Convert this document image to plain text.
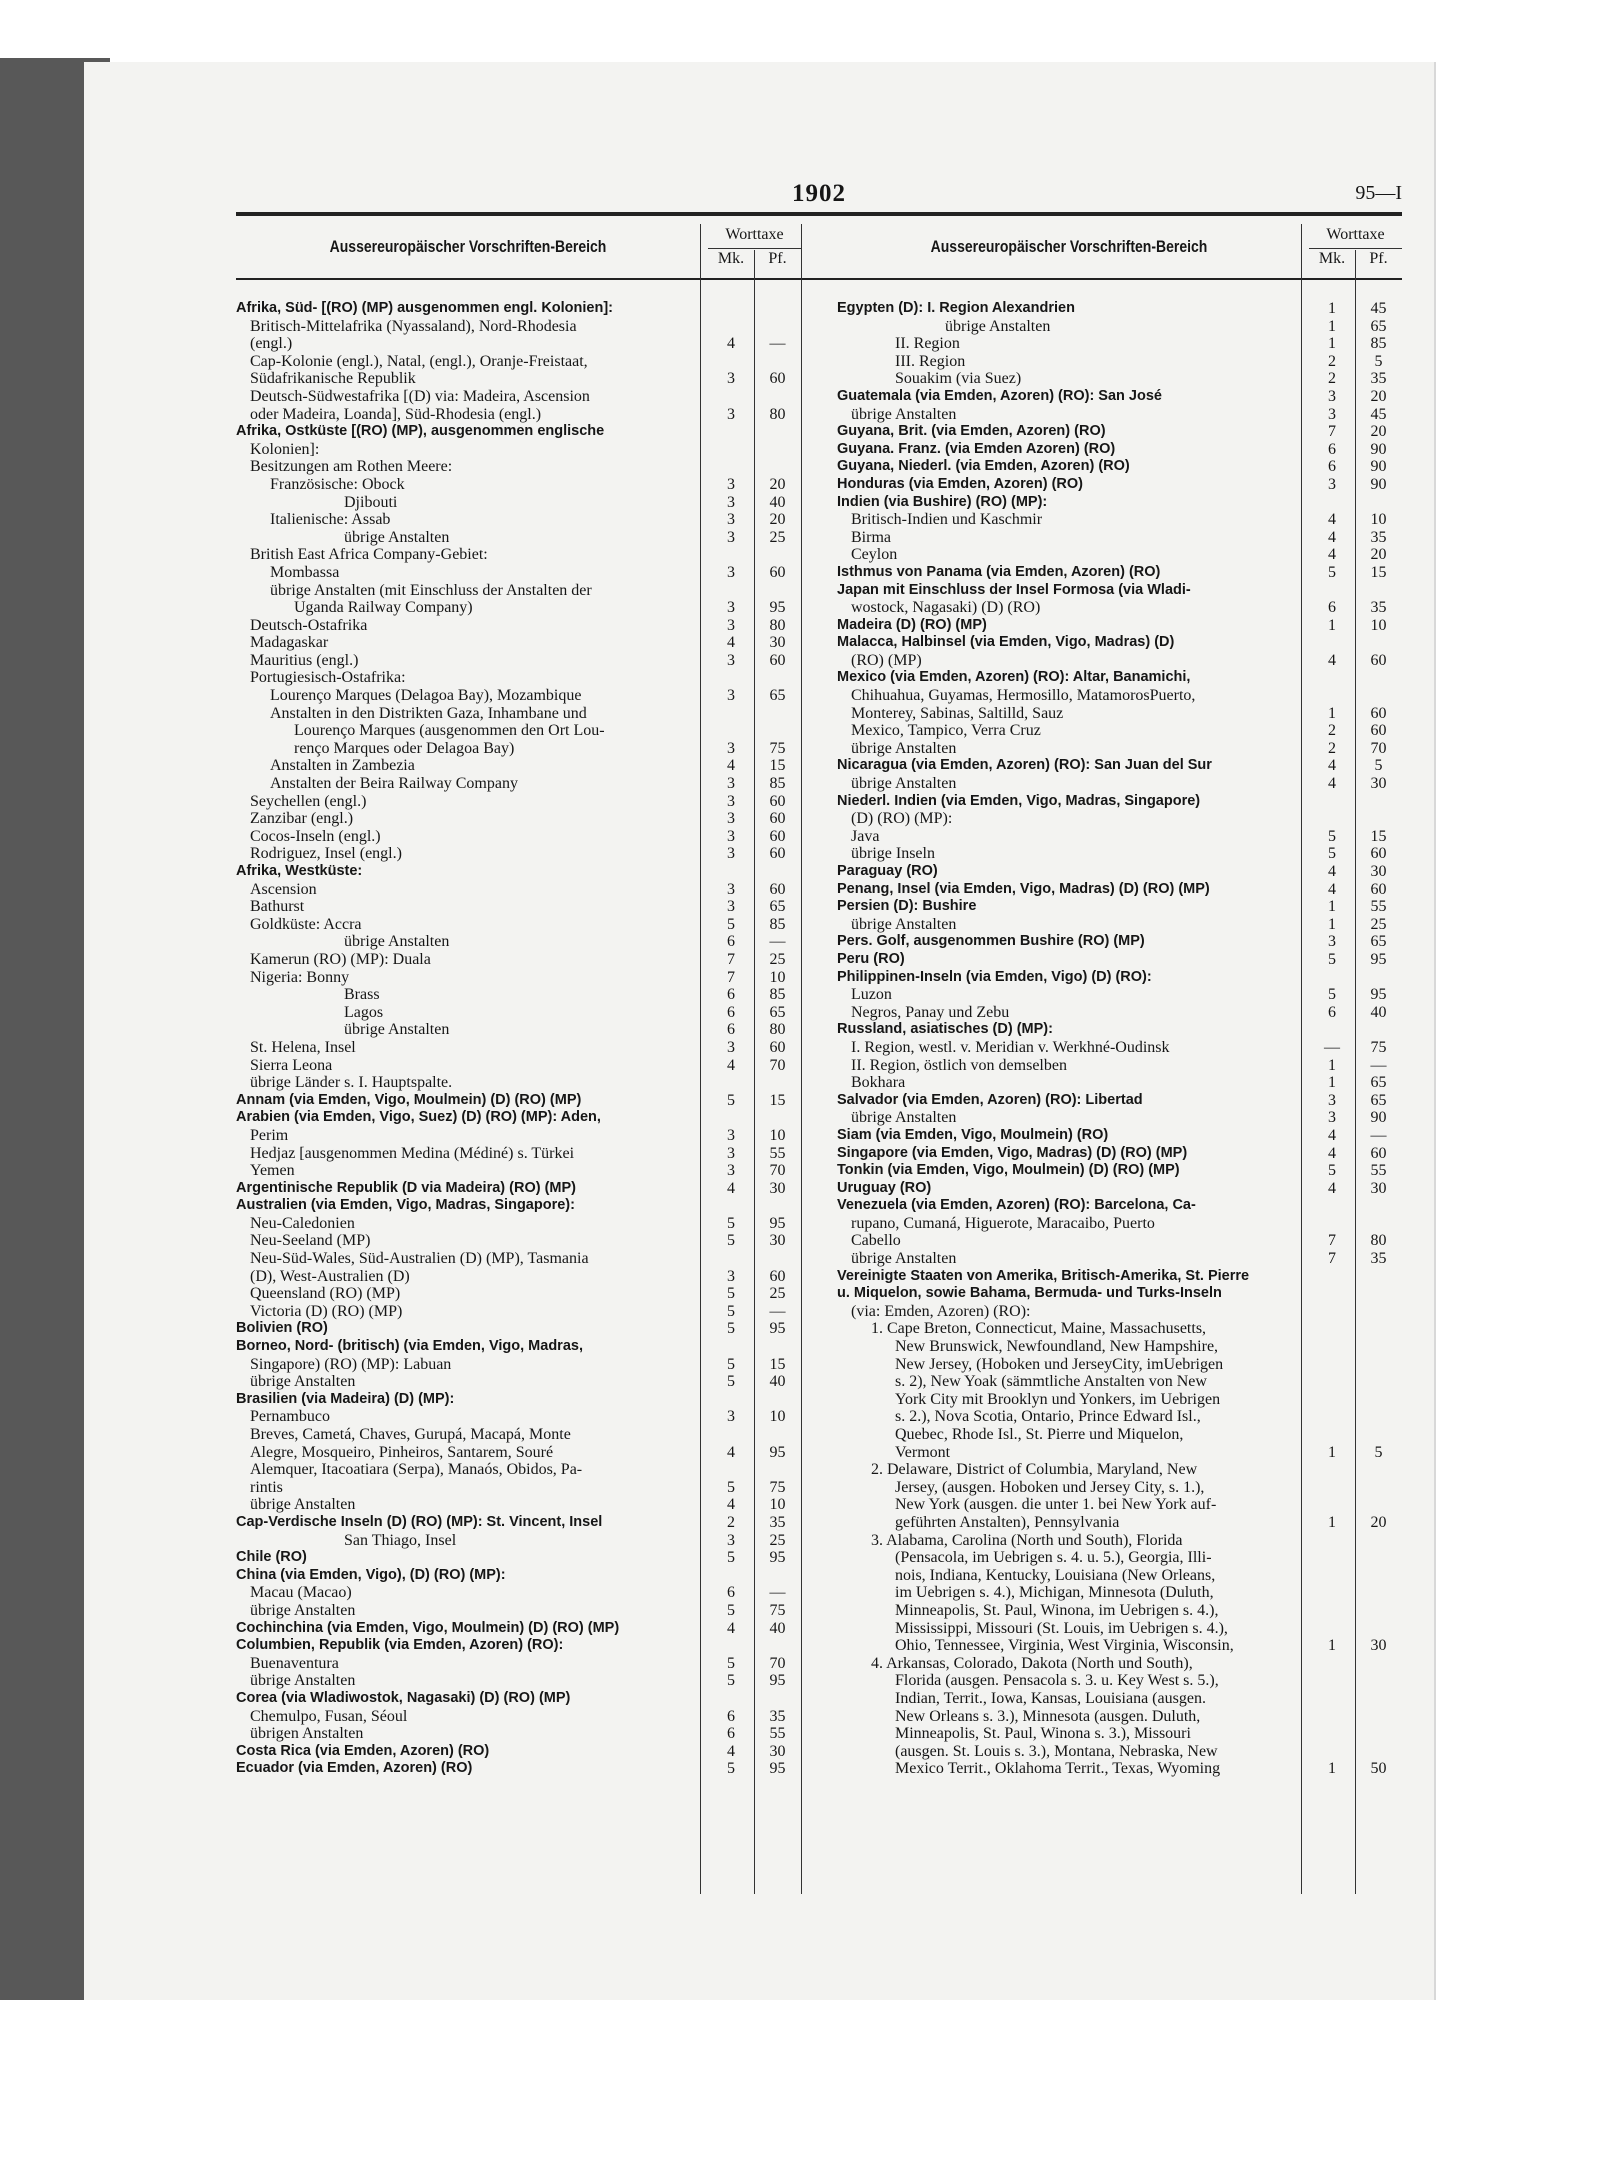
1902	95—I
Aussereuropäischer Vorschriften-Bereich
Worttaxe
Mk.	Pf.
Aussereuropäischer Vorschriften-Bereich
Worttaxe
Mk.	Pf.
Afrika, Süd- [(RO) (MP) ausgenommen engl. Kolonien]:
Britisch-Mittelafrika (Nyassaland), Nord-Rhodesia
(engl.)	4	—
Cap-Kolonie (engl.), Natal, (engl.), Oranje-Freistaat,
Südafrikanische Republik	3	60
Deutsch-Südwestafrika [(D) via: Madeira, Ascension
oder Madeira, Loanda], Süd-Rhodesia (engl.)	3	80
Afrika, Ostküste [(RO) (MP), ausgenommen englische
Kolonien]:
Besitzungen am Rothen Meere:
Französische: Obock	3	20
Djibouti	3	40
Italienische: Assab	3	20
übrige Anstalten	3	25
British East Africa Company-Gebiet:
Mombassa	3	60
übrige Anstalten (mit Einschluss der Anstalten der
Uganda Railway Company)	3	95
Deutsch-Ostafrika	3	80
Madagaskar	4	30
Mauritius (engl.)	3	60
Portugiesisch-Ostafrika:
Lourenço Marques (Delagoa Bay), Mozambique	3	65
Anstalten in den Distrikten Gaza, Inhambane und
Lourenço Marques (ausgenommen den Ort Lou-
renço Marques oder Delagoa Bay)	3	75
Anstalten in Zambezia	4	15
Anstalten der Beira Railway Company	3	85
Seychellen (engl.)	3	60
Zanzibar (engl.)	3	60
Cocos-Inseln (engl.)	3	60
Rodriguez, Insel (engl.)	3	60
Afrika, Westküste:
Ascension	3	60
Bathurst	3	65
Goldküste: Accra	5	85
übrige Anstalten	6	—
Kamerun (RO) (MP): Duala	7	25
Nigeria: Bonny	7	10
Brass	6	85
Lagos	6	65
übrige Anstalten	6	80
St. Helena, Insel	3	60
Sierra Leona	4	70
übrige Länder s. I. Hauptspalte.
Annam (via Emden, Vigo, Moulmein) (D) (RO) (MP)	5	15
Arabien (via Emden, Vigo, Suez) (D) (RO) (MP): Aden,
Perim	3	10
Hedjaz [ausgenommen Medina (Médiné) s. Türkei	3	55
Yemen	3	70
Argentinische Republik (D via Madeira) (RO) (MP)	4	30
Australien (via Emden, Vigo, Madras, Singapore):
Neu-Caledonien	5	95
Neu-Seeland (MP)	5	30
Neu-Süd-Wales, Süd-Australien (D) (MP), Tasmania
(D), West-Australien (D)	3	60
Queensland (RO) (MP)	5	25
Victoria (D) (RO) (MP)	5	—
Bolivien (RO)	5	95
Borneo, Nord- (britisch) (via Emden, Vigo, Madras,
Singapore) (RO) (MP): Labuan	5	15
übrige Anstalten	5	40
Brasilien (via Madeira) (D) (MP):
Pernambuco	3	10
Breves, Cametá, Chaves, Gurupá, Macapá, Monte
Alegre, Mosqueiro, Pinheiros, Santarem, Souré	4	95
Alemquer, Itacoatiara (Serpa), Manaós, Obidos, Pa-
rintis	5	75
übrige Anstalten	4	10
Cap-Verdische Inseln (D) (RO) (MP): St. Vincent, Insel	2	35
San Thiago, Insel	3	25
Chile (RO)	5	95
China (via Emden, Vigo), (D) (RO) (MP):
Macau (Macao)	6	—
übrige Anstalten	5	75
Cochinchina (via Emden, Vigo, Moulmein) (D) (RO) (MP)	4	40
Columbien, Republik (via Emden, Azoren) (RO):
Buenaventura	5	70
übrige Anstalten	5	95
Corea (via Wladiwostok, Nagasaki) (D) (RO) (MP)
Chemulpo, Fusan, Séoul	6	35
übrigen Anstalten	6	55
Costa Rica (via Emden, Azoren) (RO)	4	30
Ecuador (via Emden, Azoren) (RO)	5	95
Egypten (D): I. Region Alexandrien	1	45
übrige Anstalten	1	65
II. Region	1	85
III. Region	2	5
Souakim (via Suez)	2	35
Guatemala (via Emden, Azoren) (RO): San José	3	20
übrige Anstalten	3	45
Guyana, Brit. (via Emden, Azoren) (RO)	7	20
Guyana. Franz. (via Emden Azoren) (RO)	6	90
Guyana, Niederl. (via Emden, Azoren) (RO)	6	90
Honduras (via Emden, Azoren) (RO)	3	90
Indien (via Bushire) (RO) (MP):
Britisch-Indien und Kaschmir	4	10
Birma	4	35
Ceylon	4	20
Isthmus von Panama (via Emden, Azoren) (RO)	5	15
Japan mit Einschluss der Insel Formosa (via Wladi-
wostock, Nagasaki) (D) (RO)	6	35
Madeira (D) (RO) (MP)	1	10
Malacca, Halbinsel (via Emden, Vigo, Madras) (D)
(RO) (MP)	4	60
Mexico (via Emden, Azoren) (RO): Altar, Banamichi,
Chihuahua, Guyamas, Hermosillo, MatamorosPuerto,
Monterey, Sabinas, Saltilld, Sauz	1	60
Mexico, Tampico, Verra Cruz	2	60
übrige Anstalten	2	70
Nicaragua (via Emden, Azoren) (RO): San Juan del Sur	4	5
übrige Anstalten	4	30
Niederl. Indien (via Emden, Vigo, Madras, Singapore)
(D) (RO) (MP):
Java	5	15
übrige Inseln	5	60
Paraguay (RO)	4	30
Penang, Insel (via Emden, Vigo, Madras) (D) (RO) (MP)	4	60
Persien (D): Bushire	1	55
übrige Anstalten	1	25
Pers. Golf, ausgenommen Bushire (RO) (MP)	3	65
Peru (RO)	5	95
Philippinen-Inseln (via Emden, Vigo) (D) (RO):
Luzon	5	95
Negros, Panay und Zebu	6	40
Russland, asiatisches (D) (MP):
I. Region, westl. v. Meridian v. Werkhné-Oudinsk	—	75
II. Region, östlich von demselben	1	—
Bokhara	1	65
Salvador (via Emden, Azoren) (RO): Libertad	3	65
übrige Anstalten	3	90
Siam (via Emden, Vigo, Moulmein) (RO)	4	—
Singapore (via Emden, Vigo, Madras) (D) (RO) (MP)	4	60
Tonkin (via Emden, Vigo, Moulmein) (D) (RO) (MP)	5	55
Uruguay (RO)	4	30
Venezuela (via Emden, Azoren) (RO): Barcelona, Ca-
rupano, Cumaná, Higuerote, Maracaibo, Puerto
Cabello	7	80
übrige Anstalten	7	35
Vereinigte Staaten von Amerika, Britisch-Amerika, St. Pierre
u. Miquelon, sowie Bahama, Bermuda- und Turks-Inseln
(via: Emden, Azoren) (RO):
1. Cape Breton, Connecticut, Maine, Massachusetts,
New Brunswick, Newfoundland, New Hampshire,
New Jersey, (Hoboken und JerseyCity, imUebrigen
s. 2), New Yoak (sämmtliche Anstalten von New
York City mit Brooklyn und Yonkers, im Uebrigen
s. 2.), Nova Scotia, Ontario, Prince Edward Isl.,
Quebec, Rhode Isl., St. Pierre und Miquelon,
Vermont	1	5
2. Delaware, District of Columbia, Maryland, New
Jersey, (ausgen. Hoboken und Jersey City, s. 1.),
New York (ausgen. die unter 1. bei New York auf-
geführten Anstalten), Pennsylvania	1	20
3. Alabama, Carolina (North und South), Florida
(Pensacola, im Uebrigen s. 4. u. 5.), Georgia, Illi-
nois, Indiana, Kentucky, Louisiana (New Orleans,
im Uebrigen s. 4.), Michigan, Minnesota (Duluth,
Minneapolis, St. Paul, Winona, im Uebrigen s. 4.),
Mississippi, Missouri (St. Louis, im Uebrigen s. 4.),
Ohio, Tennessee, Virginia, West Virginia, Wisconsin,	1	30
4. Arkansas, Colorado, Dakota (North und South),
Florida (ausgen. Pensacola s. 3. u. Key West s. 5.),
Indian, Territ., Iowa, Kansas, Louisiana (ausgen.
New Orleans s. 3.), Minnesota (ausgen. Duluth,
Minneapolis, St. Paul, Winona s. 3.), Missouri
(ausgen. St. Louis s. 3.), Montana, Nebraska, New
Mexico Territ., Oklahoma Territ., Texas, Wyoming	1	50
